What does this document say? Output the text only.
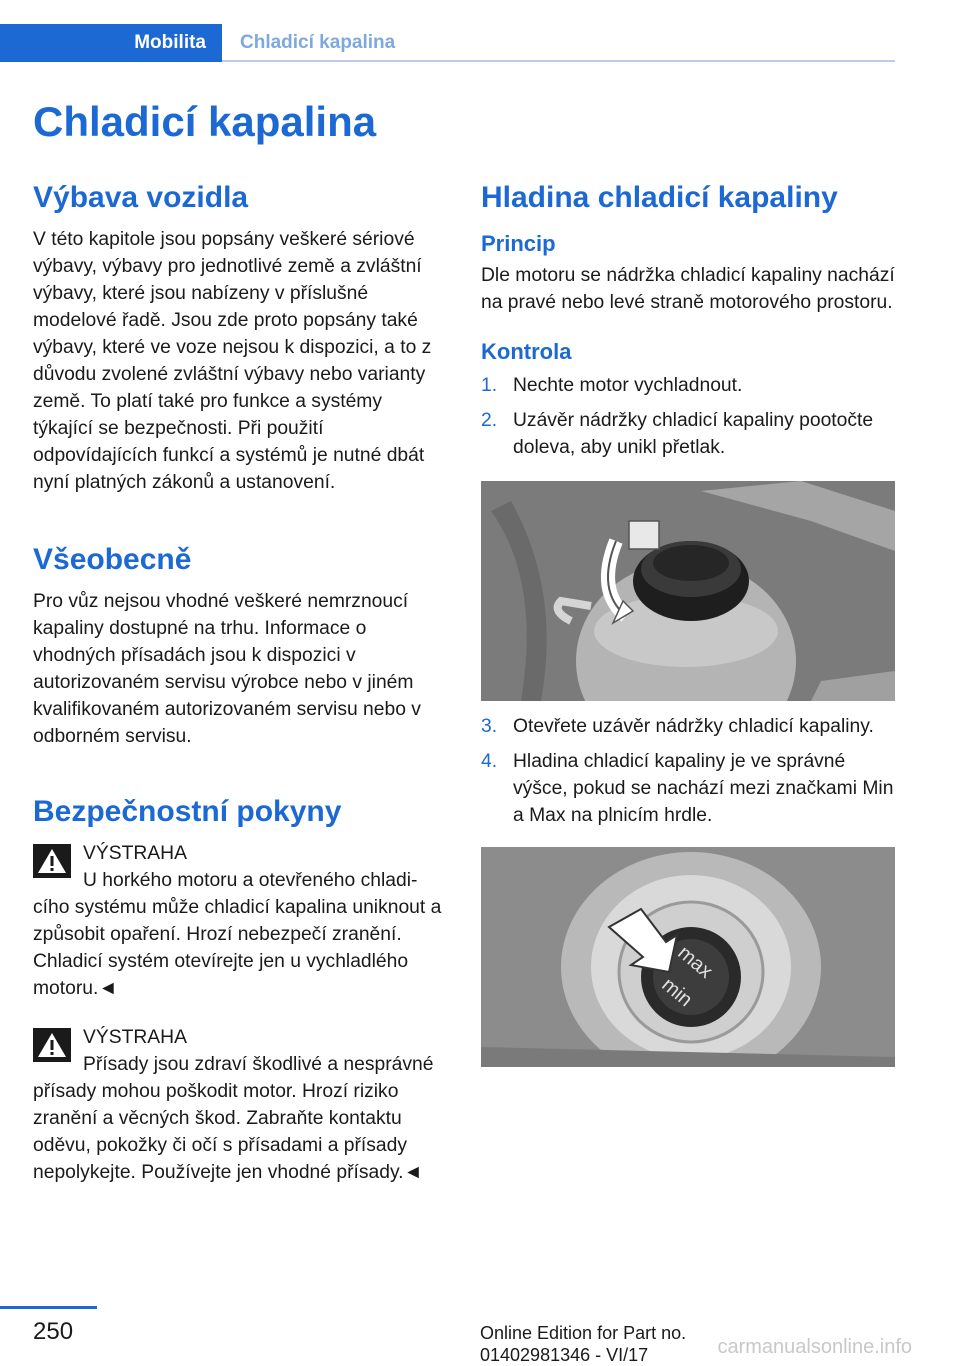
Mobilita	Chladicí kapalina
Chladicí kapalina
Výbava vozidla

V této kapitole jsou popsány veškeré sériové výbavy, výbavy pro jednotlivé země a zvláštní výbavy, které jsou nabízeny v příslušné modelové řadě. Jsou zde proto popsány také výbavy, které ve voze nejsou k dispozici, a to z důvodu zvolené zvláštní výbavy nebo varianty země. To platí také pro funkce a systémy týkající se bezpečnosti. Při použití odpovídajících funkcí a systémů je nutné dbát nyní platných zákonů a ustanovení.

Všeobecně

Pro vůz nejsou vhodné veškeré nemrznoucí kapaliny dostupné na trhu. Informace o vhodných přísadách jsou k dispozici v autorizovaném servisu výrobce nebo v jiném kvalifikovaném autorizovaném servisu nebo v odborném servisu.

Bezpečnostní pokyny
VÝSTRAHA
U horkého motoru a otevřeného chladi-

cího systému může chladicí kapalina uniknout a způsobit opaření. Hrozí nebezpečí zranění. Chladicí systém otevírejte jen u vychladlého motoru.◄

VÝSTRAHA
Přísady jsou zdraví škodlivé a nesprávné

přísady mohou poškodit motor. Hrozí riziko zranění a věcných škod. Zabraňte kontaktu oděvu, pokožky či očí s přísadami a přísady nepolykejte. Používejte jen vhodné přísady.◄

Hladina chladicí kapaliny
Princip

Dle motoru se nádržka chladicí kapaliny nachází na pravé nebo levé straně motorového prostoru.

Kontrola
1. Nechte motor vychladnout.
2. Uzávěr nádržky chladicí kapaliny pootočte doleva, aby unikl přetlak.
3. Otevřete uzávěr nádržky chladicí kapaliny.
4. Hladina chladicí kapaliny je ve správné výšce, pokud se nachází mezi značkami Min a Max na plnicím hrdle.
max
min
250	Online Edition for Part no. 01402981346 - VI/17	carmanualsonline.info
